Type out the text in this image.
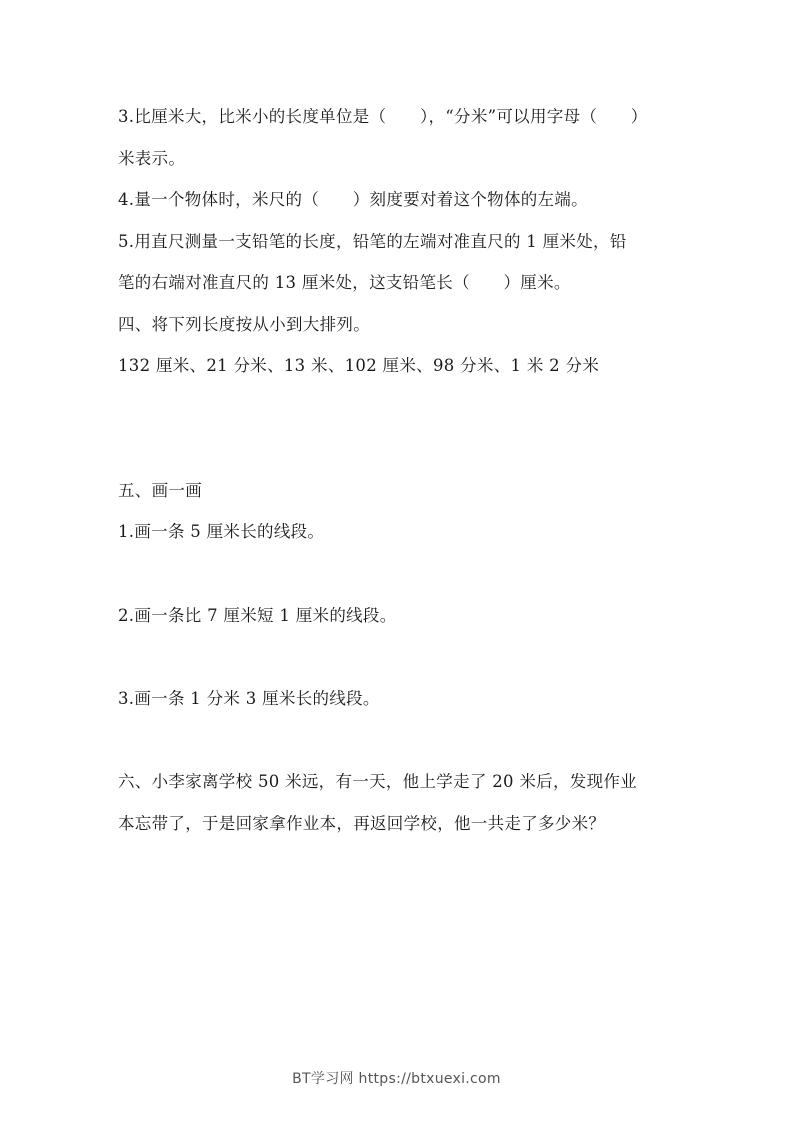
3.比厘米大，比米小的长度单位是（　　），“分米”可以用字母（　　）
米表示。
4.量一个物体时，米尺的（　　）刻度要对着这个物体的左端。
5.用直尺测量一支铅笔的长度，铅笔的左端对准直尺的 1 厘米处，铅
笔的右端对准直尺的 13 厘米处，这支铅笔长（　　）厘米。
四、将下列长度按从小到大排列。
132 厘米、21 分米、13 米、102 厘米、98 分米、1 米 2 分米
五、画一画
1.画一条 5 厘米长的线段。
2.画一条比 7 厘米短 1 厘米的线段。
3.画一条 1 分米 3 厘米长的线段。
六、小李家离学校 50 米远，有一天，他上学走了 20 米后，发现作业
本忘带了，于是回家拿作业本，再返回学校，他一共走了多少米？
BT学习网 https://btxuexi.com
